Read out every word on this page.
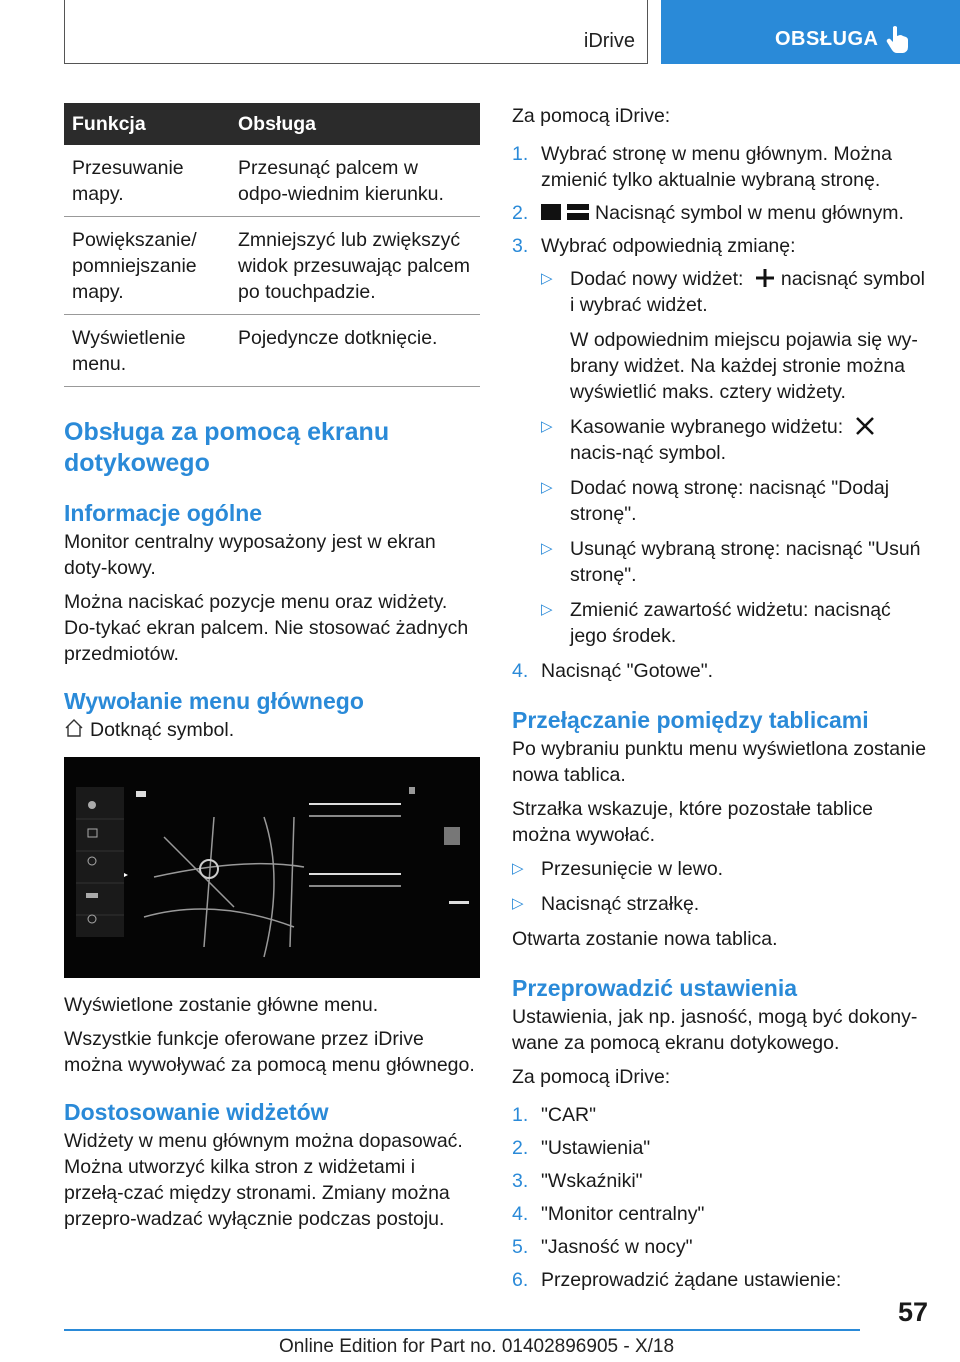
iDrive	OBSŁUGA
Funkcja	Obsługa
Przesuwanie mapy.	Przesunąć palcem w odpo-wiednim kierunku.
Powiększanie/ pomniejszanie mapy.	Zmniejszyć lub zwiększyć widok przesuwając palcem po touchpadzie.
Wyświetlenie menu.	Pojedyncze dotknięcie.
Obsługa za pomocą ekranu dotykowego
Informacje ogólne

Monitor centralny wyposażony jest w ekran doty-kowy.

Można naciskać pozycje menu oraz widżety. Do-tykać ekran palcem. Nie stosować żadnych przedmiotów.

Wywołanie menu głównego

Dotknąć symbol.

Wyświetlone zostanie główne menu.

Wszystkie funkcje oferowane przez iDrive można wywoływać za pomocą menu głównego.

Dostosowanie widżetów

Widżety w menu głównym można dopasować. Można utworzyć kilka stron z widżetami i przełą-czać między stronami. Zmiany można przepro-wadzać wyłącznie podczas postoju.

Za pomocą iDrive:

1. Wybrać stronę w menu głównym. Można zmienić tylko aktualnie wybraną stronę.
2.	Nacisnąć symbol w menu głównym.
3. Wybrać odpowiednią zmianę:
▷ Dodać nowy widżet: nacisnąć symbol i wybrać widżet.
W odpowiednim miejscu pojawia się wy-brany widżet. Na każdej stronie można wyświetlić maks. cztery widżety.
▷ Kasowanie wybranego widżetu: nacis-nąć symbol.
▷ Dodać nową stronę: nacisnąć "Dodaj stronę".
▷ Usunąć wybraną stronę: nacisnąć "Usuń stronę".
▷ Zmienić zawartość widżetu: nacisnąć jego środek.
4. Nacisnąć "Gotowe".
Przełączanie pomiędzy tablicami

Po wybraniu punktu menu wyświetlona zostanie nowa tablica.

Strzałka wskazuje, które pozostałe tablice można wywołać.

▷ Przesunięcie w lewo.
▷ Nacisnąć strzałkę.

Otwarta zostanie nowa tablica.

Przeprowadzić ustawienia

Ustawienia, jak np. jasność, mogą być dokony-wane za pomocą ekranu dotykowego.

Za pomocą iDrive:

1. "CAR"
2. "Ustawienia"
3. "Wskaźniki"
4. "Monitor centralny"
5. "Jasność w nocy"
6. Przeprowadzić żądane ustawienie:
57
Online Edition for Part no. 01402896905 - X/18
